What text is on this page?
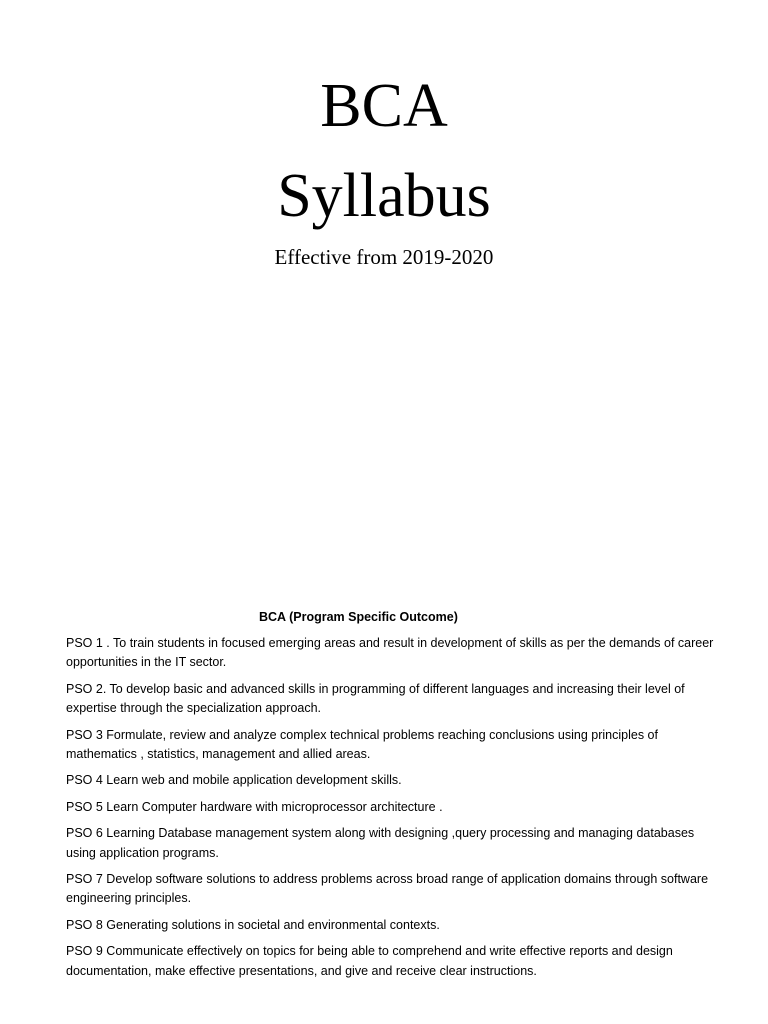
BCA
Syllabus
Effective from 2019-2020
BCA (Program Specific Outcome)
PSO 1 . To train students in focused emerging areas and result in development of skills as per the demands of career opportunities in the IT sector.
PSO 2. To develop basic and advanced skills in programming of different languages and increasing their level of expertise through the specialization approach.
PSO 3 Formulate, review and analyze complex technical problems reaching conclusions using principles of mathematics , statistics, management and allied areas.
PSO 4 Learn web and mobile application development skills.
PSO 5 Learn Computer hardware with microprocessor architecture .
PSO 6 Learning Database management system along with designing ,query processing and managing databases using application programs.
PSO 7 Develop software solutions to address problems across broad range of application domains through software engineering principles.
PSO 8 Generating solutions in societal and environmental contexts.
PSO 9 Communicate effectively on topics for being able to comprehend and write effective reports and design documentation, make effective presentations, and give and receive clear instructions.
